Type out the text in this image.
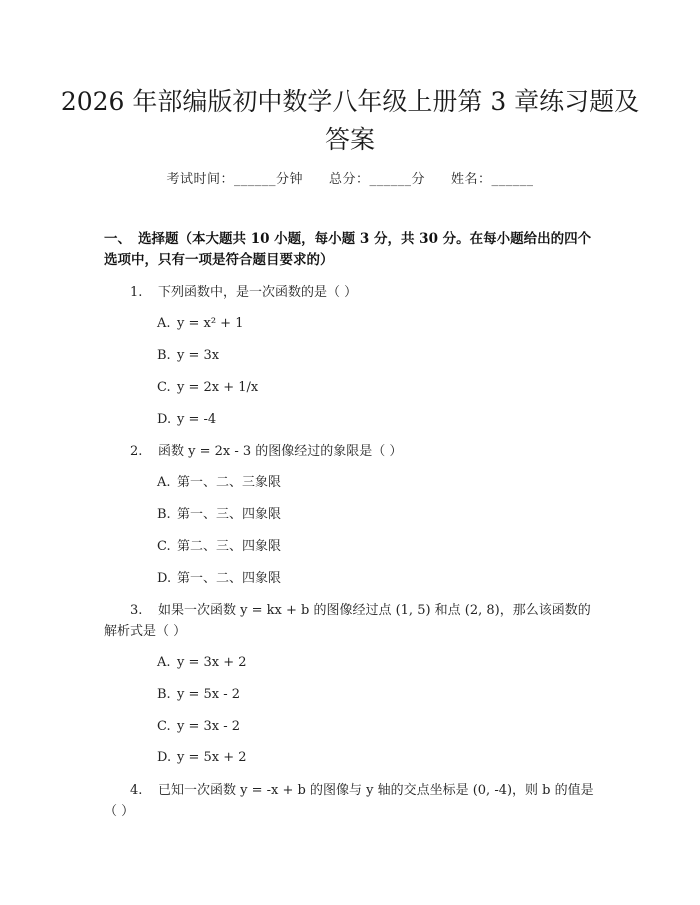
2026 年部编版初中数学八年级上册第 3 章练习题及答案
考试时间：______分钟 总分：______分 姓名：______
一、 选择题（本大题共 10 小题，每小题 3 分，共 30 分。在每小题给出的四个选项中，只有一项是符合题目要求的）
1. 下列函数中，是一次函数的是（ ）
A. y = x² + 1
B. y = 3x
C. y = 2x + 1/x
D. y = -4
2. 函数 y = 2x - 3 的图像经过的象限是（ ）
A. 第一、二、三象限
B. 第一、三、四象限
C. 第二、三、四象限
D. 第一、二、四象限
3. 如果一次函数 y = kx + b 的图像经过点 (1, 5) 和点 (2, 8)，那么该函数的解析式是（ ）
A. y = 3x + 2
B. y = 5x - 2
C. y = 3x - 2
D. y = 5x + 2
4. 已知一次函数 y = -x + b 的图像与 y 轴的交点坐标是 (0, -4)，则 b 的值是（ ）
